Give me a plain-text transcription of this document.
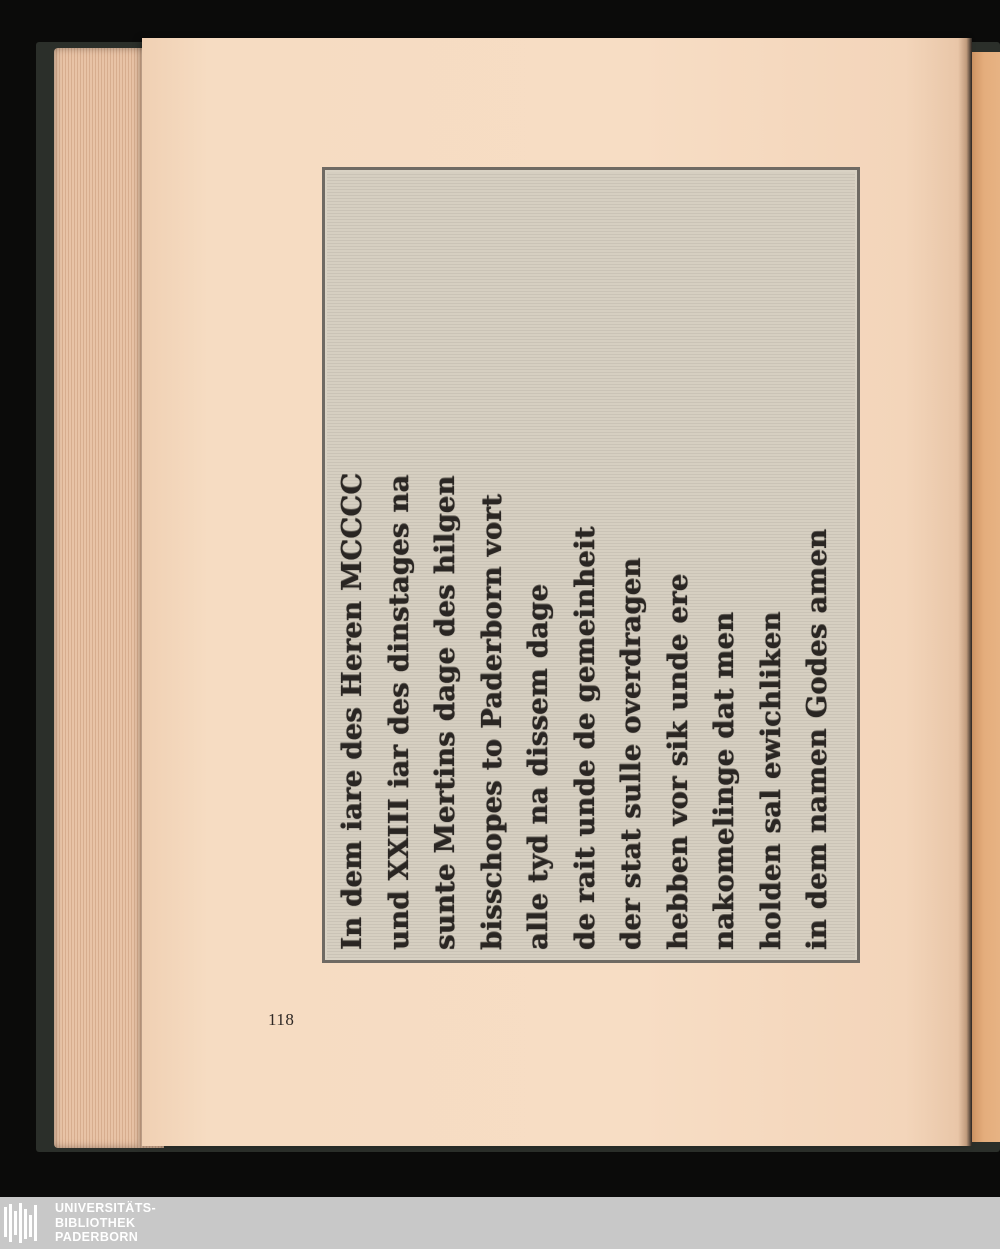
In dem iare des Heren MCCCC und XXIII iar des dinstages na sunte Mertins dage des hilgen bisschopes to Paderborn vort alle tyd na dissem dage de rait unde de gemeinheit der stat sulle overdragen hebben vor sik unde ere nakomelinge dat men holden sal ewichliken in dem namen Godes amen
118
UNIVERSITÄTS-
BIBLIOTHEK
PADERBORN
